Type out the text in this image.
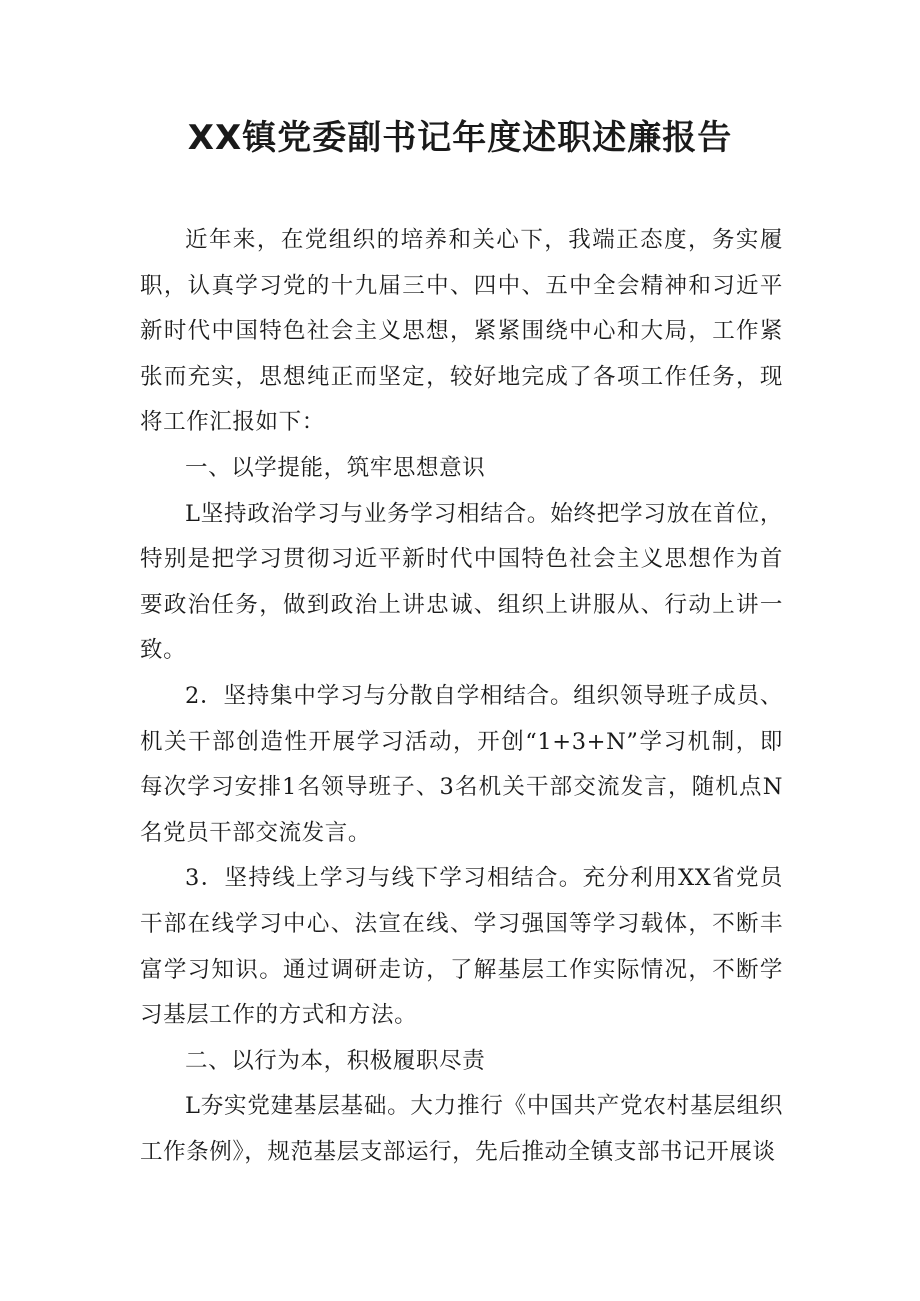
XX镇党委副书记年度述职述廉报告

近年来，在党组织的培养和关心下，我端正态度，务实履职，认真学习党的十九届三中、四中、五中全会精神和习近平新时代中国特色社会主义思想，紧紧围绕中心和大局，工作紧张而充实，思想纯正而坚定，较好地完成了各项工作任务，现将工作汇报如下：

一、以学提能，筑牢思想意识

L坚持政治学习与业务学习相结合。始终把学习放在首位，特别是把学习贯彻习近平新时代中国特色社会主义思想作为首要政治任务，做到政治上讲忠诚、组织上讲服从、行动上讲一致。

2．坚持集中学习与分散自学相结合。组织领导班子成员、机关干部创造性开展学习活动，开创“1+3+N”学习机制，即每次学习安排1名领导班子、3名机关干部交流发言，随机点N名党员干部交流发言。

3．坚持线上学习与线下学习相结合。充分利用XX省党员干部在线学习中心、法宣在线、学习强国等学习载体，不断丰富学习知识。通过调研走访，了解基层工作实际情况，不断学习基层工作的方式和方法。

二、以行为本，积极履职尽责

L夯实党建基层基础。大力推行《中国共产党农村基层组织工作条例》，规范基层支部运行，先后推动全镇支部书记开展谈
